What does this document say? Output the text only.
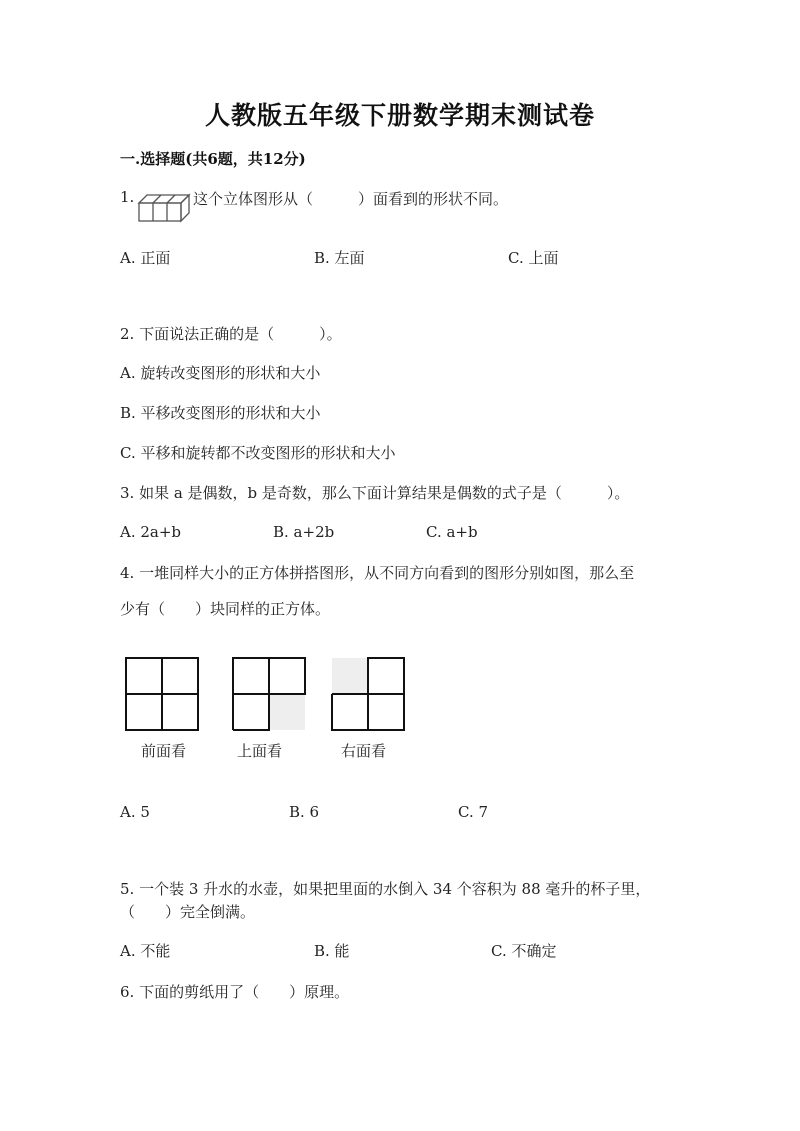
人教版五年级下册数学期末测试卷
一.选择题(共6题，共12分)
1.	这个立体图形从（　　　）面看到的形状不同。
A. 正面	B. 左面	C. 上面
2. 下面说法正确的是（　　　）。
A. 旋转改变图形的形状和大小
B. 平移改变图形的形状和大小
C. 平移和旋转都不改变图形的形状和大小
3. 如果 a 是偶数，b 是奇数，那么下面计算结果是偶数的式子是（　　　）。
A. 2a+b	B. a+2b	C. a+b
4. 一堆同样大小的正方体拼搭图形，从不同方向看到的图形分别如图，那么至
少有（　　）块同样的正方体。
前面看	上面看	右面看
A. 5	B. 6	C. 7
5. 一个装 3 升水的水壶，如果把里面的水倒入 34 个容积为 88 毫升的杯子里，
（　　）完全倒满。
A. 不能	B. 能	C. 不确定
6. 下面的剪纸用了（　　）原理。
